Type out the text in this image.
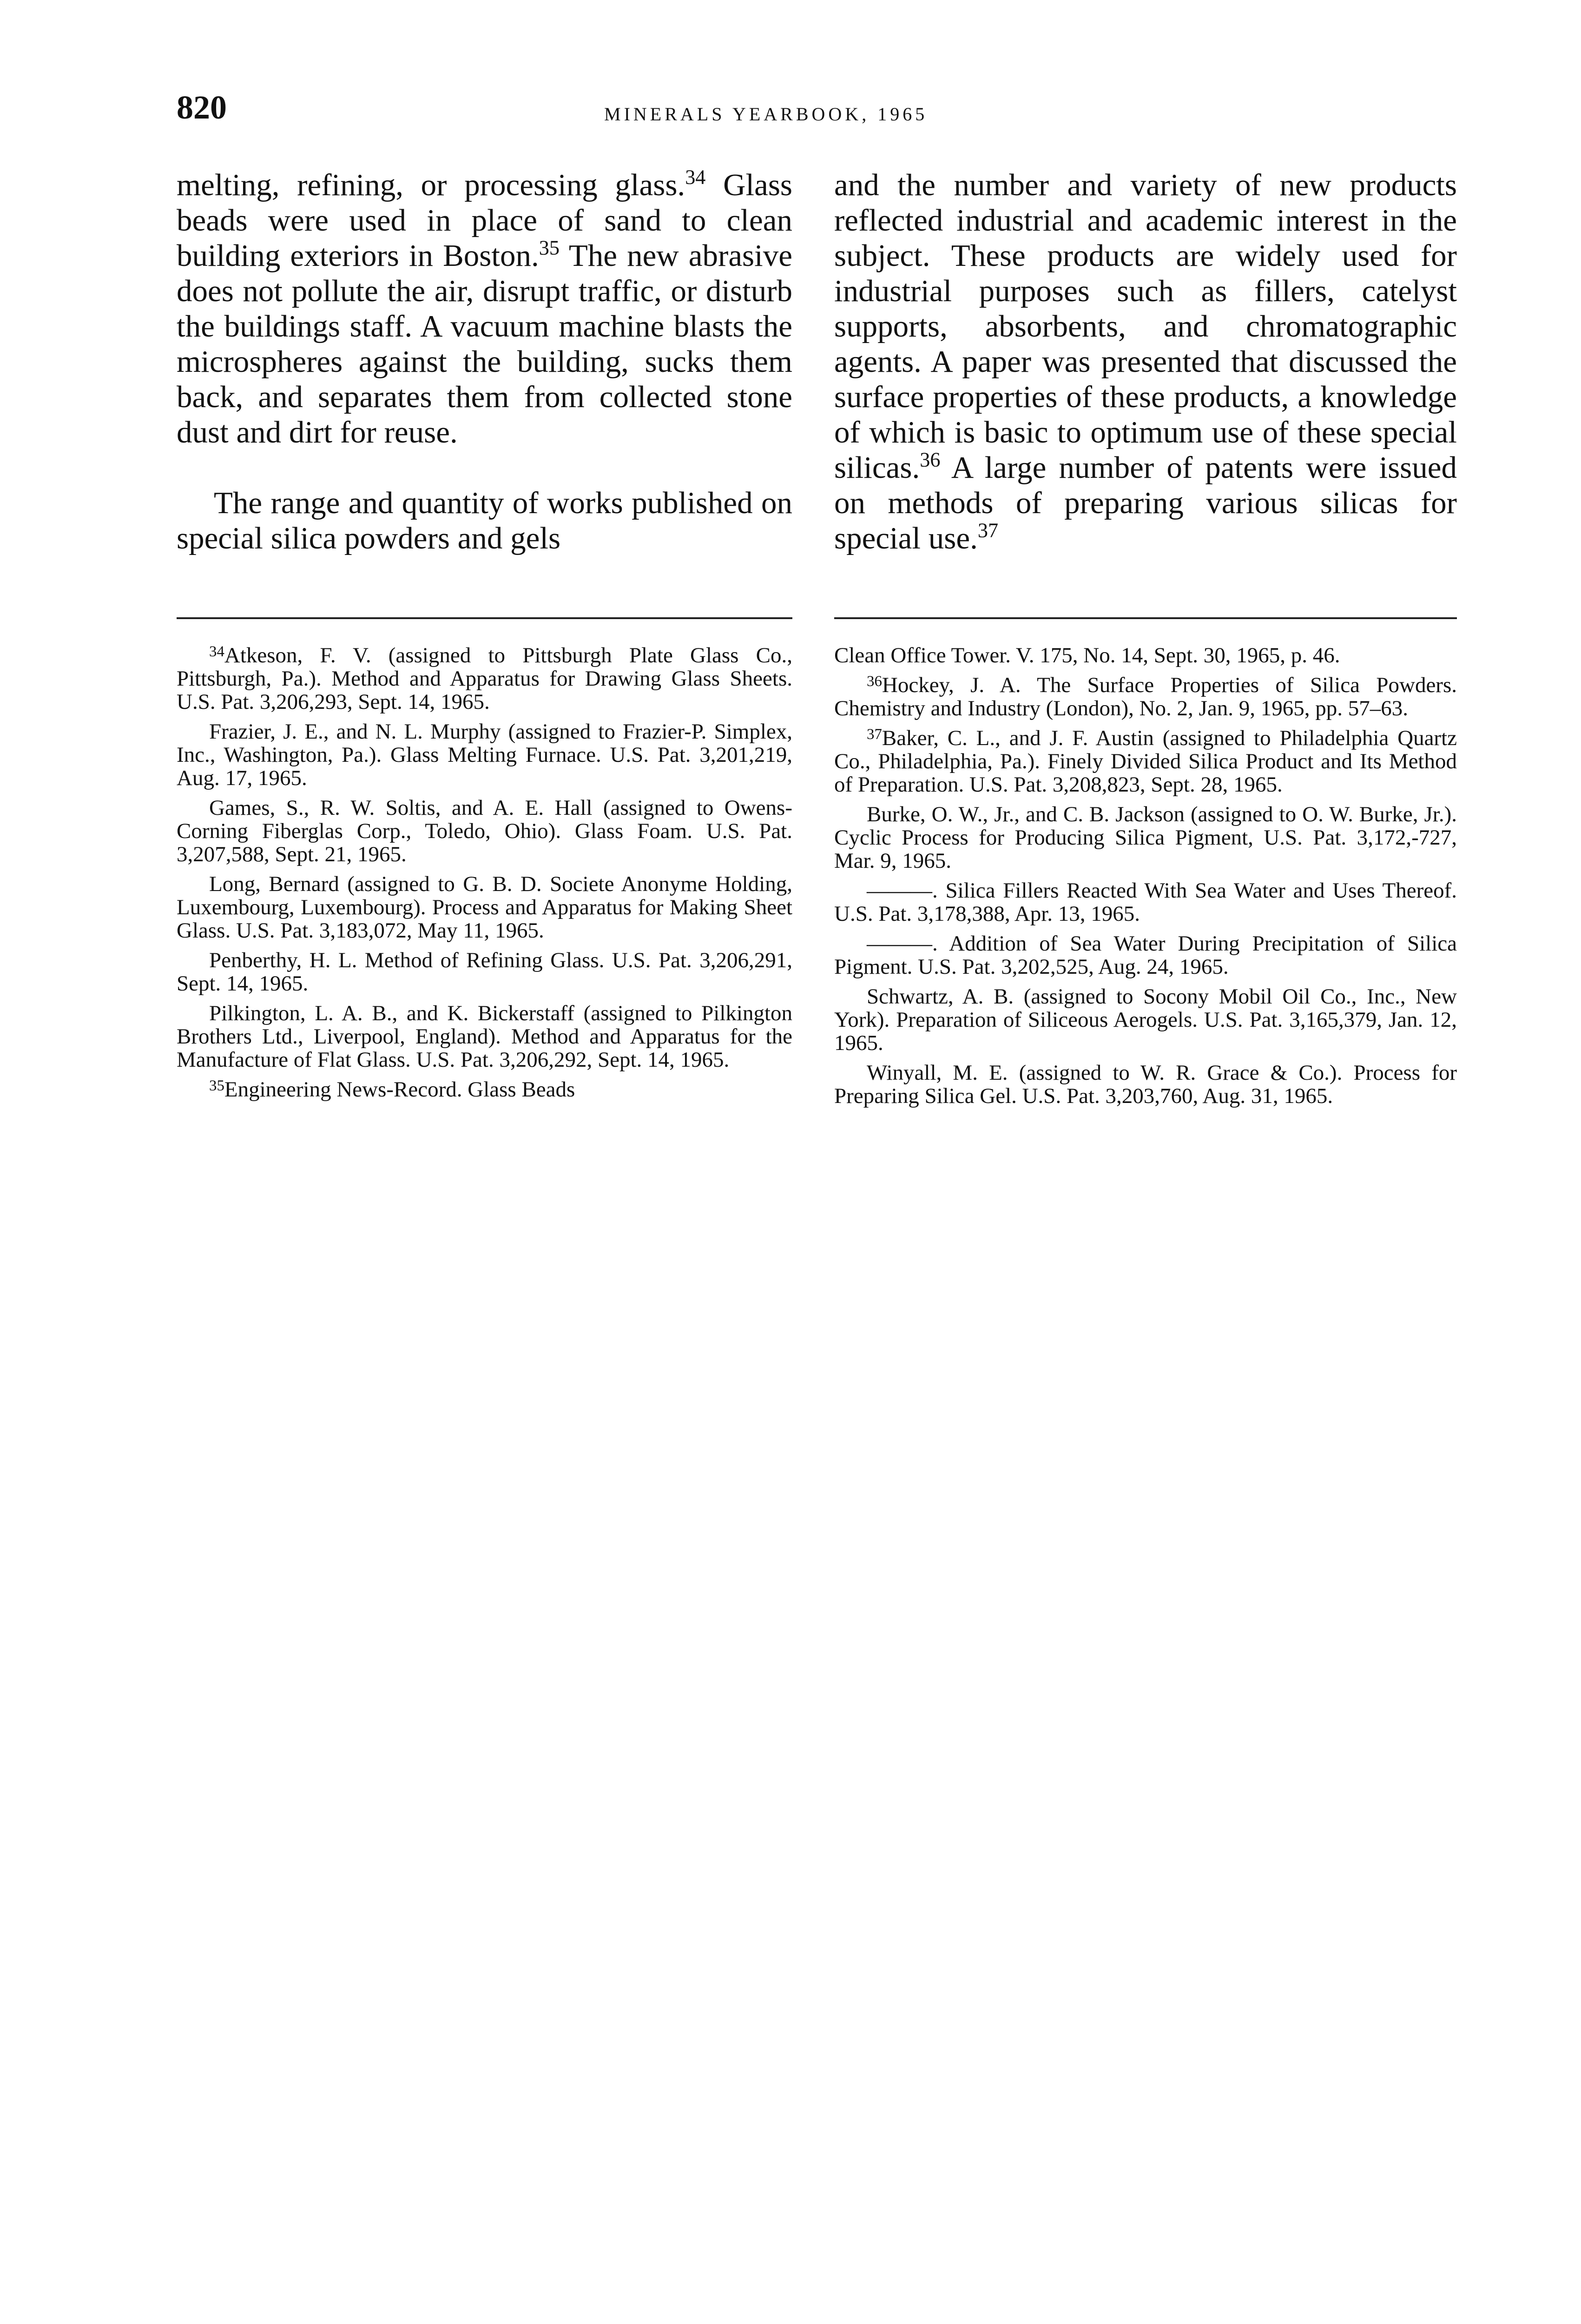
820	MINERALS YEARBOOK, 1965

melting, refining, or processing glass.$^{34}$ Glass beads were used in place of sand to clean building exteriors in Boston.$^{35}$ The new abrasive does not pollute the air, disrupt traffic, or disturb the buildings staff. A vacuum machine blasts the microspheres against the building, sucks them back, and separates them from collected stone dust and dirt for reuse.

The range and quantity of works published on special silica powders and gels

and the number and variety of new products reflected industrial and academic interest in the subject. These products are widely used for industrial purposes such as fillers, catelyst supports, absorbents, and chromatographic agents. A paper was presented that discussed the surface properties of these products, a knowledge of which is basic to optimum use of these special silicas.$^{36}$ A large number of patents were issued on methods of preparing various silicas for special use.$^{37}$

$^{34}$Atkeson, F. V. (assigned to Pittsburgh Plate Glass Co., Pittsburgh, Pa.). Method and Apparatus for Drawing Glass Sheets. U.S. Pat. 3,206,293, Sept. 14, 1965.

Frazier, J. E., and N. L. Murphy (assigned to Frazier-P. Simplex, Inc., Washington, Pa.). Glass Melting Furnace. U.S. Pat. 3,201,219, Aug. 17, 1965.

Games, S., R. W. Soltis, and A. E. Hall (assigned to Owens-Corning Fiberglas Corp., Toledo, Ohio). Glass Foam. U.S. Pat. 3,207,588, Sept. 21, 1965.

Long, Bernard (assigned to G. B. D. Societe Anonyme Holding, Luxembourg, Luxembourg). Process and Apparatus for Making Sheet Glass. U.S. Pat. 3,183,072, May 11, 1965.

Penberthy, H. L. Method of Refining Glass. U.S. Pat. 3,206,291, Sept. 14, 1965.

Pilkington, L. A. B., and K. Bickerstaff (assigned to Pilkington Brothers Ltd., Liverpool, England). Method and Apparatus for the Manufacture of Flat Glass. U.S. Pat. 3,206,292, Sept. 14, 1965.

$^{35}$Engineering News-Record. Glass Beads

Clean Office Tower. V. 175, No. 14, Sept. 30, 1965, p. 46.

$^{36}$Hockey, J. A. The Surface Properties of Silica Powders. Chemistry and Industry (London), No. 2, Jan. 9, 1965, pp. 57–63.

$^{37}$Baker, C. L., and J. F. Austin (assigned to Philadelphia Quartz Co., Philadelphia, Pa.). Finely Divided Silica Product and Its Method of Preparation. U.S. Pat. 3,208,823, Sept. 28, 1965.

Burke, O. W., Jr., and C. B. Jackson (assigned to O. W. Burke, Jr.). Cyclic Process for Producing Silica Pigment, U.S. Pat. 3,172,-727, Mar. 9, 1965.

———. Silica Fillers Reacted With Sea Water and Uses Thereof. U.S. Pat. 3,178,388, Apr. 13, 1965.

———. Addition of Sea Water During Precipitation of Silica Pigment. U.S. Pat. 3,202,525, Aug. 24, 1965.

Schwartz, A. B. (assigned to Socony Mobil Oil Co., Inc., New York). Preparation of Siliceous Aerogels. U.S. Pat. 3,165,379, Jan. 12, 1965.

Winyall, M. E. (assigned to W. R. Grace & Co.). Process for Preparing Silica Gel. U.S. Pat. 3,203,760, Aug. 31, 1965.
